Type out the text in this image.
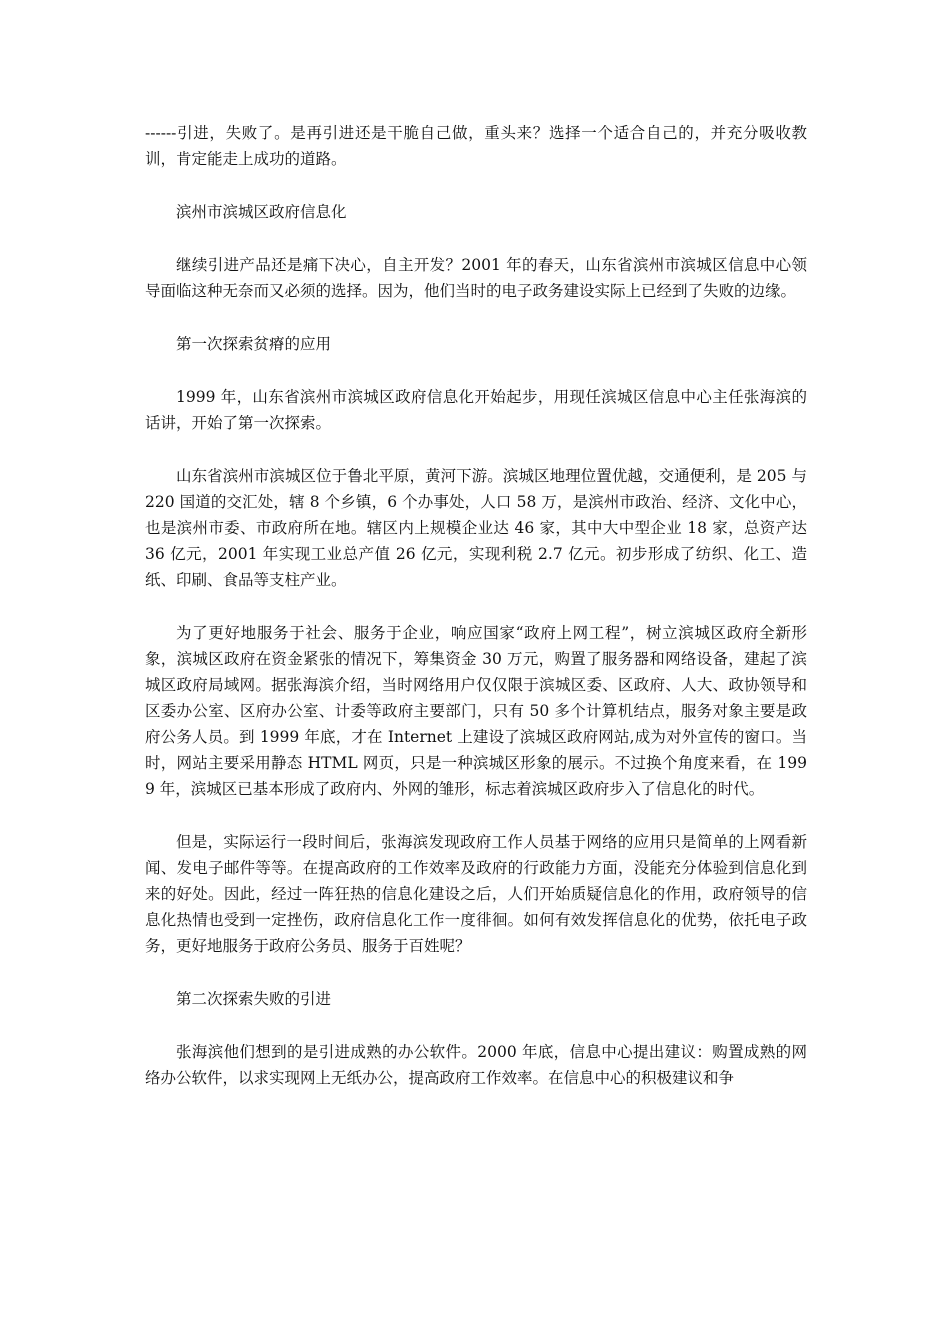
------引进，失败了。是再引进还是干脆自己做，重头来？选择一个适合自己的，并充分吸收教训，肯定能走上成功的道路。

滨州市滨城区政府信息化

继续引进产品还是痛下决心，自主开发？2001 年的春天，山东省滨州市滨城区信息中心领导面临这种无奈而又必须的选择。因为，他们当时的电子政务建设实际上已经到了失败的边缘。

第一次探索贫瘠的应用

1999 年，山东省滨州市滨城区政府信息化开始起步，用现任滨城区信息中心主任张海滨的话讲，开始了第一次探索。

山东省滨州市滨城区位于鲁北平原，黄河下游。滨城区地理位置优越，交通便利，是 205 与 220 国道的交汇处，辖 8 个乡镇，6 个办事处，人口 58 万，是滨州市政治、经济、文化中心，也是滨州市委、市政府所在地。辖区内上规模企业达 46 家，其中大中型企业 18 家，总资产达 36 亿元，2001 年实现工业总产值 26 亿元，实现利税 2.7 亿元。初步形成了纺织、化工、造纸、印刷、食品等支柱产业。

为了更好地服务于社会、服务于企业，响应国家“政府上网工程”，树立滨城区政府全新形象，滨城区政府在资金紧张的情况下，筹集资金 30 万元，购置了服务器和网络设备，建起了滨城区政府局域网。据张海滨介绍，当时网络用户仅仅限于滨城区委、区政府、人大、政协领导和区委办公室、区府办公室、计委等政府主要部门，只有 50 多个计算机结点，服务对象主要是政府公务人员。到 1999 年底，才在 Internet 上建设了滨城区政府网站,成为对外宣传的窗口。当时，网站主要采用静态 HTML 网页，只是一种滨城区形象的展示。不过换个角度来看，在 1999 年，滨城区已基本形成了政府内、外网的雏形，标志着滨城区政府步入了信息化的时代。

但是，实际运行一段时间后，张海滨发现政府工作人员基于网络的应用只是简单的上网看新闻、发电子邮件等等。在提高政府的工作效率及政府的行政能力方面，没能充分体验到信息化到来的好处。因此，经过一阵狂热的信息化建设之后，人们开始质疑信息化的作用，政府领导的信息化热情也受到一定挫伤，政府信息化工作一度徘徊。如何有效发挥信息化的优势，依托电子政务，更好地服务于政府公务员、服务于百姓呢？

第二次探索失败的引进

张海滨他们想到的是引进成熟的办公软件。2000 年底，信息中心提出建议：购置成熟的网络办公软件，以求实现网上无纸办公，提高政府工作效率。在信息中心的积极建议和争
